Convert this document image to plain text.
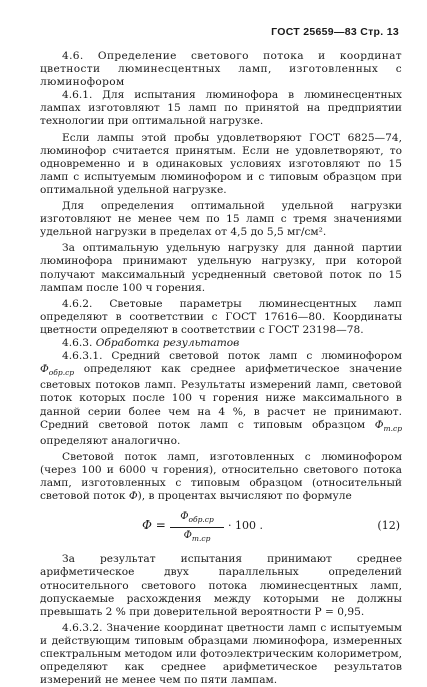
ГОСТ 25659—83 Стр. 13

4.6. Определение светового потока и координат цветности люминесцентных ламп, изготовленных с люминофором

4.6.1. Для испытания люминофора в люминесцентных лампах изготовляют 15 ламп по принятой на предприятии технологии при оптимальной нагрузке.

Если лампы этой пробы удовлетворяют ГОСТ 6825—74, люминофор считается принятым. Если не удовлетворяют, то одновременно и в одинаковых условиях изготовляют по 15 ламп с испытуемым люминофором и с типовым образцом при оптимальной удельной нагрузке.

Для определения оптимальной удельной нагрузки изготовляют не менее чем по 15 ламп с тремя значениями удельной нагрузки в пределах от 4,5 до 5,5 мг/см².

За оптимальную удельную нагрузку для данной партии люминофора принимают удельную нагрузку, при которой получают максимальный усредненный световой поток по 15 лампам после 100 ч горения.

4.6.2. Световые параметры люминесцентных ламп определяют в соответствии с ГОСТ 17616—80. Координаты цветности определяют в соответствии с ГОСТ 23198—78.

4.6.3. Обработка результатов

4.6.3.1. Средний световой поток ламп с люминофором $Ф_{обр.ср}$ определяют как среднее арифметическое значение световых потоков ламп. Результаты измерений ламп, световой поток которых после 100 ч горения ниже максимального в данной серии более чем на 4 %, в расчет не принимают. Средний световой поток ламп с типовым образцом $Ф_{т.ср}$ определяют аналогично.

Световой поток ламп, изготовленных с люминофором (через 100 и 6000 ч горения), относительно светового потока ламп, изготовленных с типовым образцом (относительный световой поток Ф), в процентах вычисляют по формуле

Ф =
$Ф_{обр.ср}$
$Ф_{т.ср}$
· 100 .	(12)

За результат испытания принимают среднее арифметическое двух параллельных определений относительного светового потока люминесцентных ламп, допускаемые расхождения между которыми не должны превышать 2 % при доверительной вероятности Р = 0,95.

4.6.3.2. Значение координат цветности ламп с испытуемым и действующим типовым образцами люминофора, измеренных спектральным методом или фотоэлектрическим колориметром, определяют как среднее арифметическое результатов измерений не менее чем по пяти лампам.
